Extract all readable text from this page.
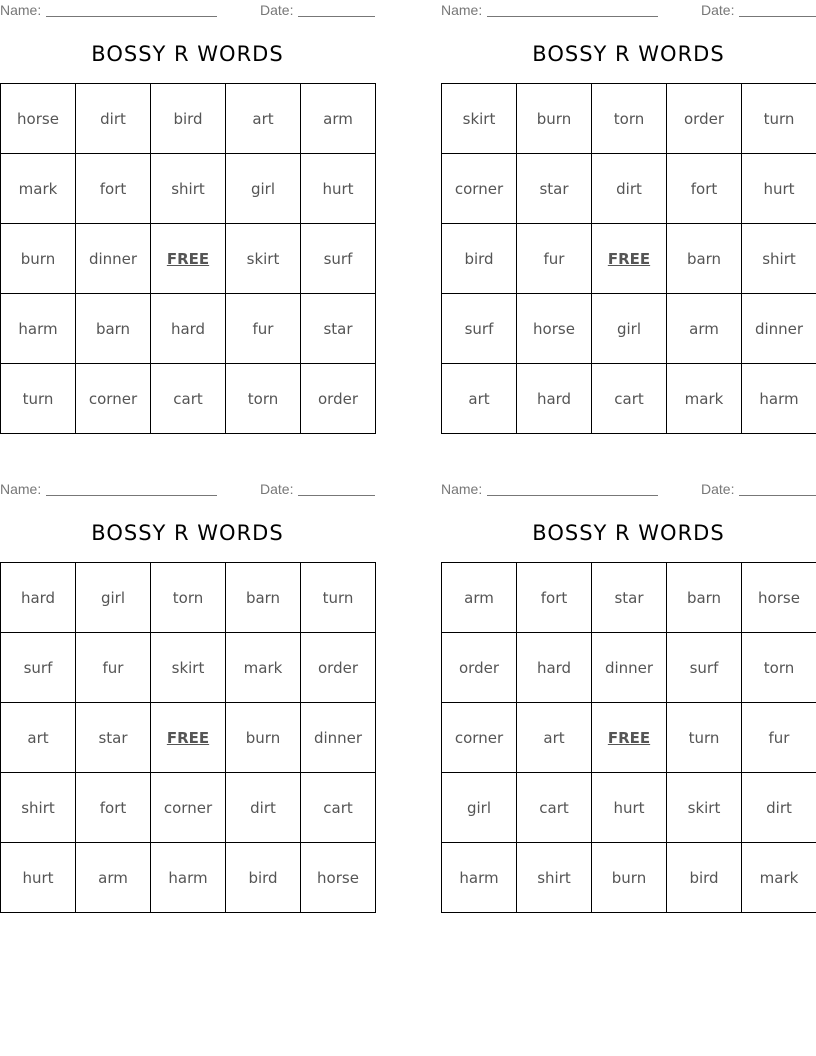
Name:	Date:
BOSSY R WORDS
horse	dirt	bird	art	arm
mark	fort	shirt	girl	hurt
burn	dinner	FREE	skirt	surf
harm	barn	hard	fur	star
turn	corner	cart	torn	order
Name:	Date:
BOSSY R WORDS
skirt	burn	torn	order	turn
corner	star	dirt	fort	hurt
bird	fur	FREE	barn	shirt
surf	horse	girl	arm	dinner
art	hard	cart	mark	harm
Name:	Date:
BOSSY R WORDS
hard	girl	torn	barn	turn
surf	fur	skirt	mark	order
art	star	FREE	burn	dinner
shirt	fort	corner	dirt	cart
hurt	arm	harm	bird	horse
Name:	Date:
BOSSY R WORDS
arm	fort	star	barn	horse
order	hard	dinner	surf	torn
corner	art	FREE	turn	fur
girl	cart	hurt	skirt	dirt
harm	shirt	burn	bird	mark
